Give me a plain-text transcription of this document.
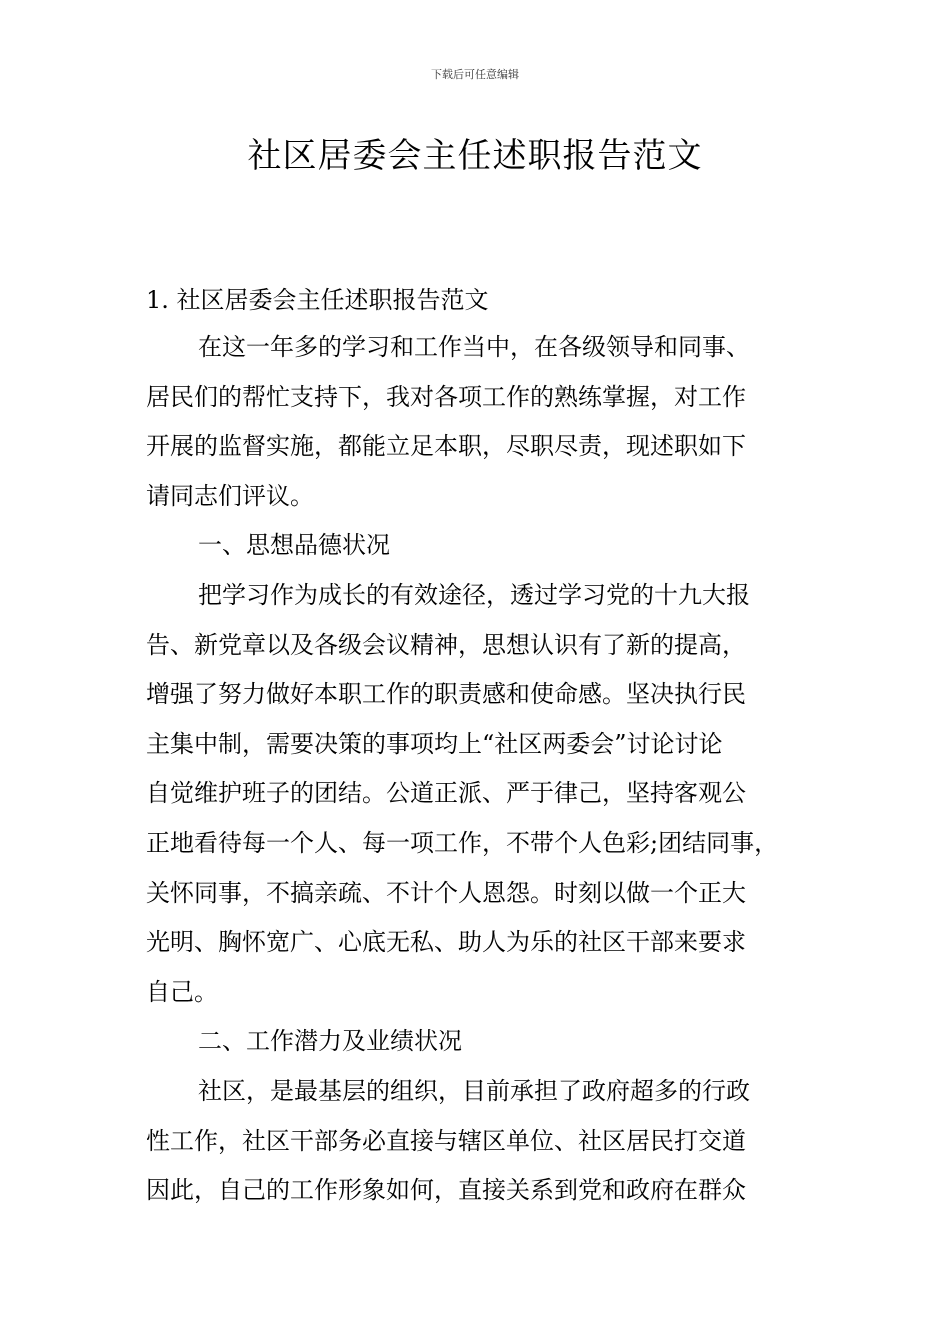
下载后可任意编辑
社区居委会主任述职报告范文
1. 社区居委会主任述职报告范文
在这一年多的学习和工作当中，在各级领导和同事、
居民们的帮忙支持下，我对各项工作的熟练掌握，对工作
开展的监督实施，都能立足本职，尽职尽责，现述职如下
请同志们评议。
一、思想品德状况
把学习作为成长的有效途径，透过学习党的十九大报
告、新党章以及各级会议精神，思想认识有了新的提高，
增强了努力做好本职工作的职责感和使命感。坚决执行民
主集中制，需要决策的事项均上“社区两委会”讨论讨论
自觉维护班子的团结。公道正派、严于律己，坚持客观公
正地看待每一个人、每一项工作，不带个人色彩;团结同事，
关怀同事，不搞亲疏、不计个人恩怨。时刻以做一个正大
光明、胸怀宽广、心底无私、助人为乐的社区干部来要求
自己。
二、工作潜力及业绩状况
社区，是最基层的组织，目前承担了政府超多的行政
性工作，社区干部务必直接与辖区单位、社区居民打交道
因此，自己的工作形象如何，直接关系到党和政府在群众
